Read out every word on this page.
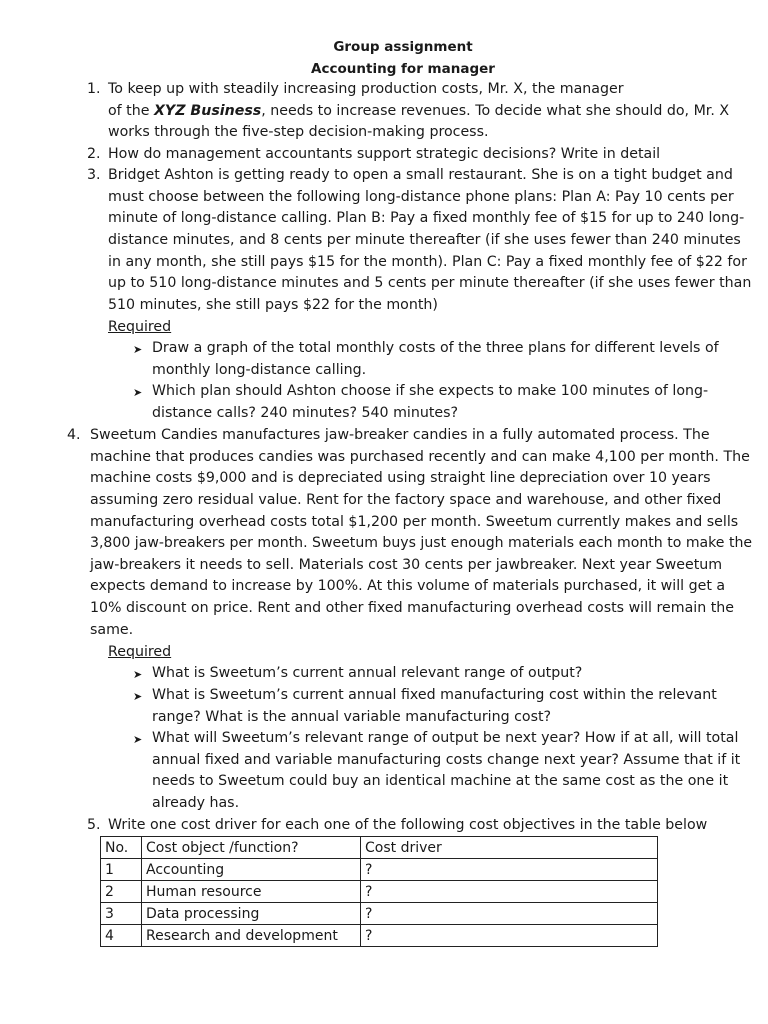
Group assignment
Accounting for manager
1. To keep up with steadily increasing production costs, Mr. X, the manager
of the XYZ Business, needs to increase revenues. To decide what she should do, Mr. X
works through the five-step decision-making process.
2. How do management accountants support strategic decisions? Write in detail
3. Bridget Ashton is getting ready to open a small restaurant. She is on a tight budget and
must choose between the following long-distance phone plans: Plan A: Pay 10 cents per
minute of long-distance calling. Plan B: Pay a fixed monthly fee of $15 for up to 240 long-
distance minutes, and 8 cents per minute thereafter (if she uses fewer than 240 minutes
in any month, she still pays $15 for the month). Plan C: Pay a fixed monthly fee of $22 for
up to 510 long-distance minutes and 5 cents per minute thereafter (if she uses fewer than
510 minutes, she still pays $22 for the month)
Required
➤ Draw a graph of the total monthly costs of the three plans for different levels of
monthly long-distance calling.
➤ Which plan should Ashton choose if she expects to make 100 minutes of long-
distance calls? 240 minutes? 540 minutes?
4. Sweetum Candies manufactures jaw-breaker candies in a fully automated process. The
machine that produces candies was purchased recently and can make 4,100 per month. The
machine costs $9,000 and is depreciated using straight line depreciation over 10 years
assuming zero residual value. Rent for the factory space and warehouse, and other fixed
manufacturing overhead costs total $1,200 per month. Sweetum currently makes and sells
3,800 jaw-breakers per month. Sweetum buys just enough materials each month to make the
jaw-breakers it needs to sell. Materials cost 30 cents per jawbreaker. Next year Sweetum
expects demand to increase by 100%. At this volume of materials purchased, it will get a
10% discount on price. Rent and other fixed manufacturing overhead costs will remain the
same.
Required
➤ What is Sweetum’s current annual relevant range of output?
➤ What is Sweetum’s current annual fixed manufacturing cost within the relevant
range? What is the annual variable manufacturing cost?
➤ What will Sweetum’s relevant range of output be next year? How if at all, will total
annual fixed and variable manufacturing costs change next year? Assume that if it
needs to Sweetum could buy an identical machine at the same cost as the one it
already has.
5. Write one cost driver for each one of the following cost objectives in the table below
No.	Cost object /function?	Cost driver
1	Accounting	?
2	Human resource	?
3	Data processing	?
4	Research and development	?
